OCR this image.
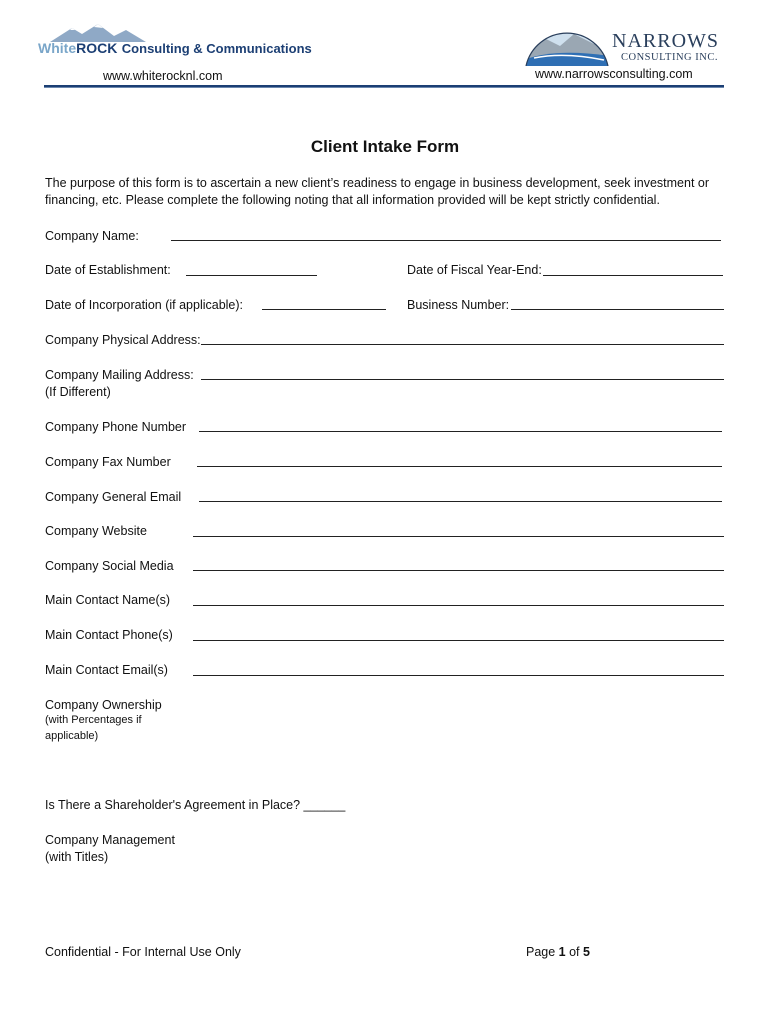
WhiteROCK Consulting & Communications
www.whiterocknl.com
NARROWS
CONSULTING INC.
www.narrowsconsulting.com
Client Intake Form
The purpose of this form is to ascertain a new client’s readiness to engage in business development, seek investment or financing, etc. Please complete the following noting that all information provided will be kept strictly confidential.
Company Name:
Date of Establishment:	Date of Fiscal Year-End:
Date of Incorporation (if applicable):	Business Number:
Company Physical Address:
Company Mailing Address:
(If Different)
Company Phone Number
Company Fax Number
Company General Email
Company Website
Company Social Media
Main Contact Name(s)
Main Contact Phone(s)
Main Contact Email(s)
Company Ownership
(with Percentages if
applicable)
Is There a Shareholder's Agreement in Place? ______
Company Management
(with Titles)
Confidential - For Internal Use Only	Page 1 of 5
